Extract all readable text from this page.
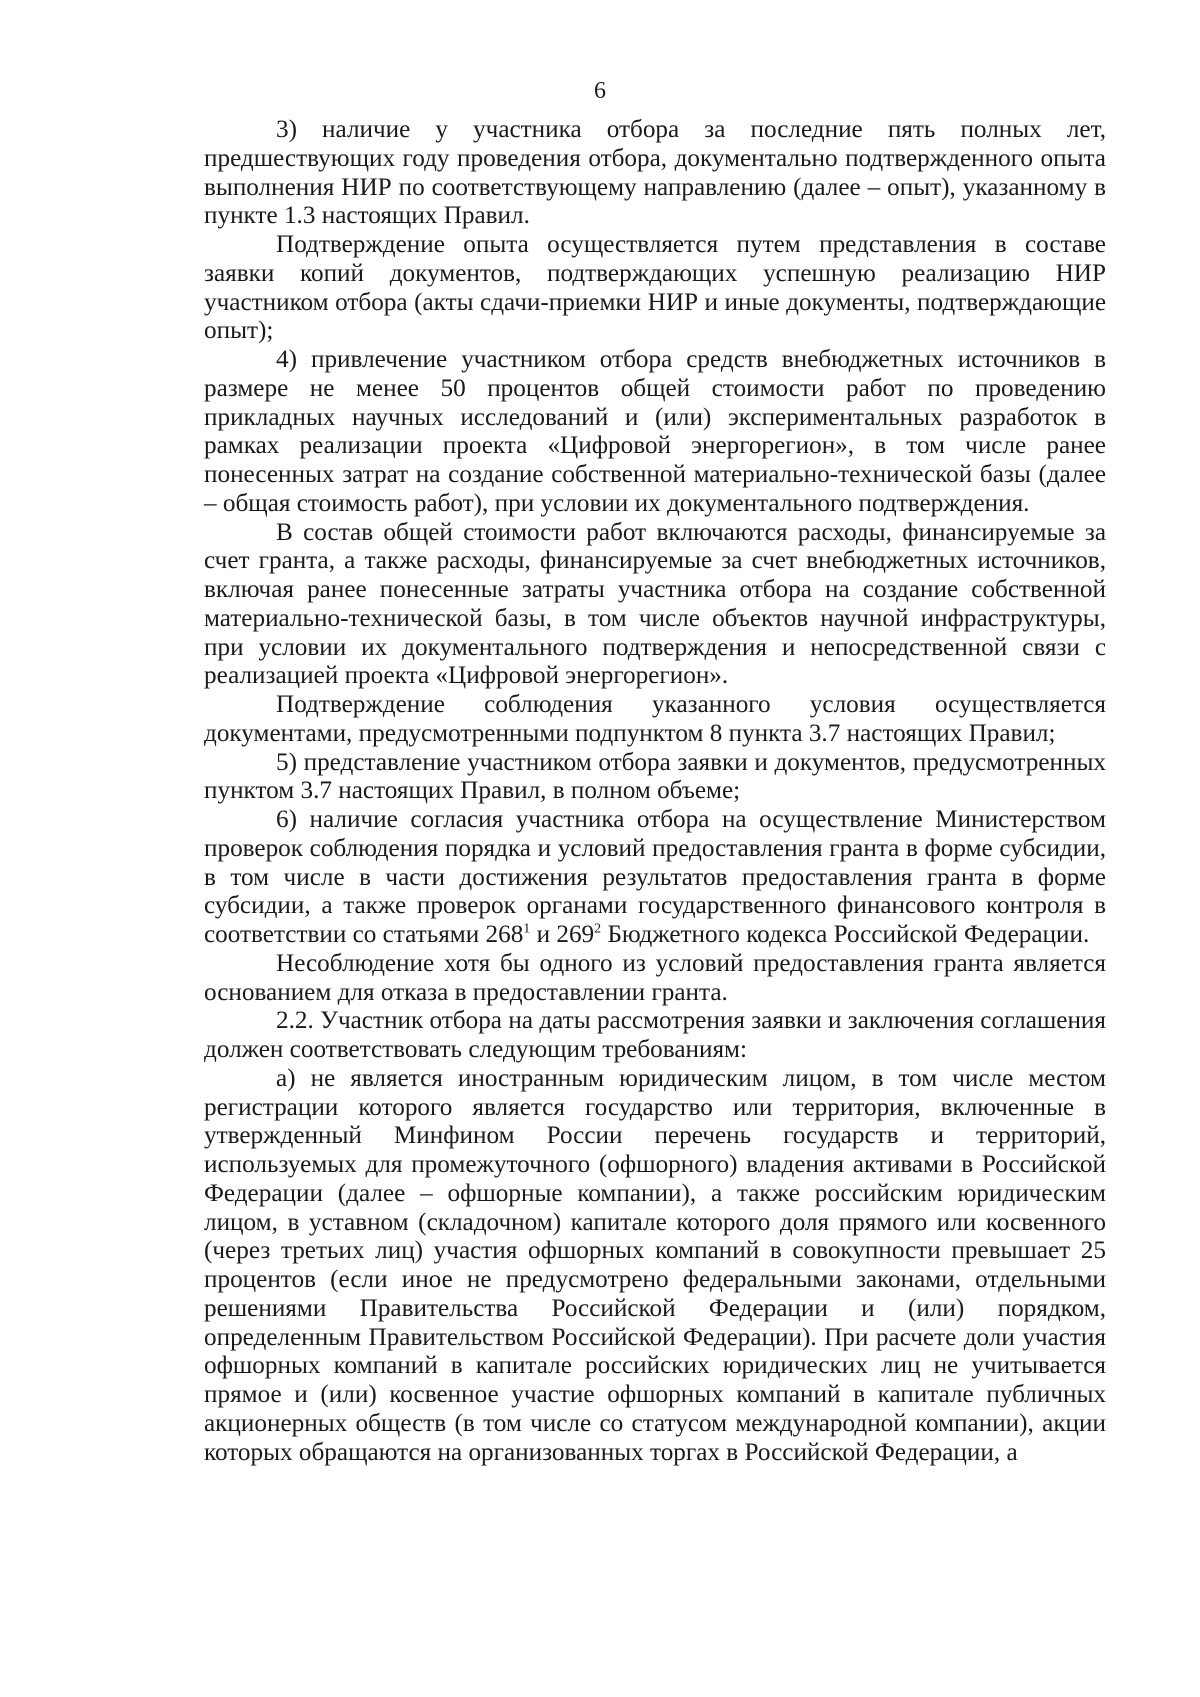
6

3) наличие у участника отбора за последние пять полных лет, предшествующих году проведения отбора, документально подтвержденного опыта выполнения НИР по соответствующему направлению (далее – опыт), указанному в пункте 1.3 настоящих Правил.

Подтверждение опыта осуществляется путем представления в составе заявки копий документов, подтверждающих успешную реализацию НИР участником отбора (акты сдачи-приемки НИР и иные документы, подтверждающие опыт);

4) привлечение участником отбора средств внебюджетных источников в размере не менее 50 процентов общей стоимости работ по проведению прикладных научных исследований и (или) экспериментальных разработок в рамках реализации проекта «Цифровой энергорегион», в том числе ранее понесенных затрат на создание собственной материально-технической базы (далее – общая стоимость работ), при условии их документального подтверждения.

В состав общей стоимости работ включаются расходы, финансируемые за счет гранта, а также расходы, финансируемые за счет внебюджетных источников, включая ранее понесенные затраты участника отбора на создание собственной материально-технической базы, в том числе объектов научной инфраструктуры, при условии их документального подтверждения и непосредственной связи с реализацией проекта «Цифровой энергорегион».

Подтверждение соблюдения указанного условия осуществляется документами, предусмотренными подпунктом 8 пункта 3.7 настоящих Правил;

5) представление участником отбора заявки и документов, предусмотренных пунктом 3.7 настоящих Правил, в полном объеме;

6) наличие согласия участника отбора на осуществление Министерством проверок соблюдения порядка и условий предоставления гранта в форме субсидии, в том числе в части достижения результатов предоставления гранта в форме субсидии, а также проверок органами государственного финансового контроля в соответствии со статьями $268^1$ и $269^2$ Бюджетного кодекса Российской Федерации.

Несоблюдение хотя бы одного из условий предоставления гранта является основанием для отказа в предоставлении гранта.

2.2. Участник отбора на даты рассмотрения заявки и заключения соглашения должен соответствовать следующим требованиям:

а) не является иностранным юридическим лицом, в том числе местом регистрации которого является государство или территория, включенные в утвержденный Минфином России перечень государств и территорий, используемых для промежуточного (офшорного) владения активами в Российской Федерации (далее – офшорные компании), а также российским юридическим лицом, в уставном (складочном) капитале которого доля прямого или косвенного (через третьих лиц) участия офшорных компаний в совокупности превышает 25 процентов (если иное не предусмотрено федеральными законами, отдельными решениями Правительства Российской Федерации и (или) порядком, определенным Правительством Российской Федерации). При расчете доли участия офшорных компаний в капитале российских юридических лиц не учитывается прямое и (или) косвенное участие офшорных компаний в капитале публичных акционерных обществ (в том числе со статусом международной компании), акции которых обращаются на организованных торгах в Российской Федерации, а
